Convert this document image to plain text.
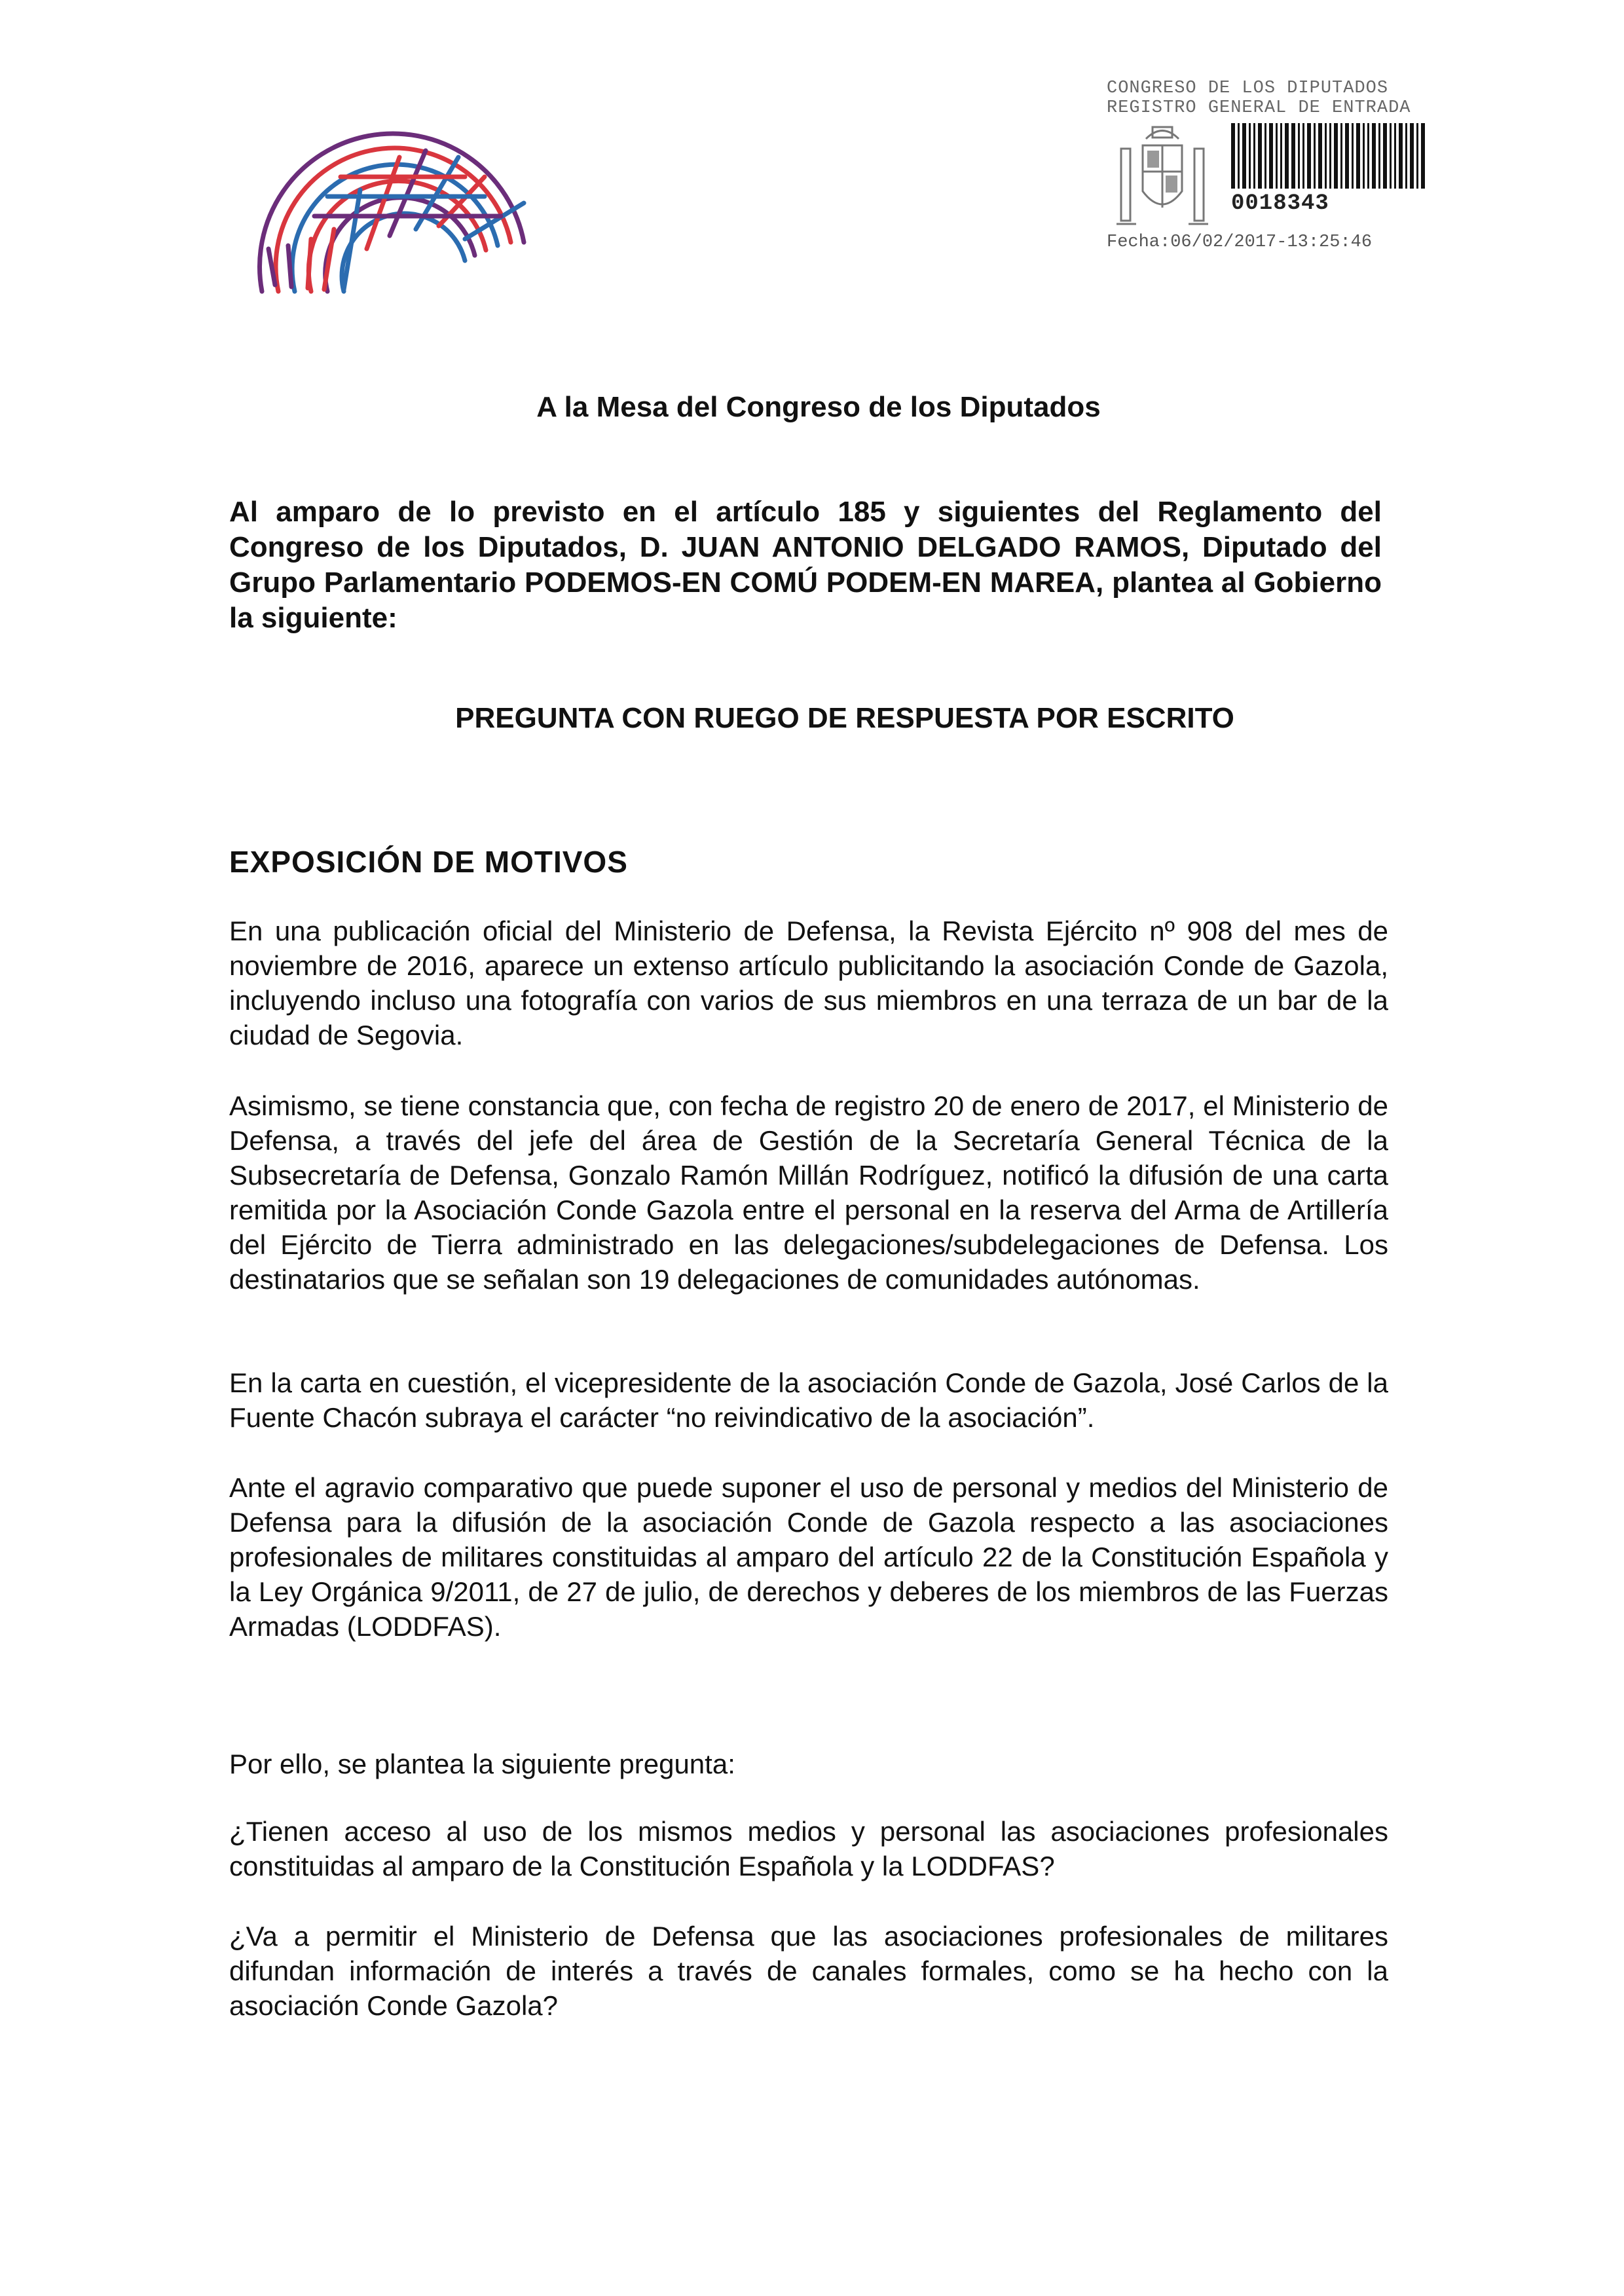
CONGRESO DE LOS DIPUTADOS
REGISTRO GENERAL DE ENTRADA
0018343
Fecha:06/02/2017-13:25:46
A la Mesa del Congreso de los Diputados
Al amparo de lo previsto en el artículo 185 y siguientes del Reglamento del Congreso de los Diputados, D. JUAN ANTONIO DELGADO RAMOS, Diputado del Grupo Parlamentario PODEMOS-EN COMÚ PODEM-EN MAREA, plantea al Gobierno la siguiente:
PREGUNTA CON RUEGO DE RESPUESTA POR ESCRITO
EXPOSICIÓN DE MOTIVOS
En una publicación oficial del Ministerio de Defensa, la Revista Ejército nº 908 del mes de noviembre de 2016, aparece un extenso artículo publicitando la asociación Conde de Gazola, incluyendo incluso una fotografía con varios de sus miembros en una terraza de un bar de la ciudad de Segovia.
Asimismo, se tiene constancia que, con fecha de registro 20 de enero de 2017, el Ministerio de Defensa, a través del jefe del área de Gestión de la Secretaría General Técnica de la Subsecretaría de Defensa, Gonzalo Ramón Millán Rodríguez, notificó la difusión de una carta remitida por la Asociación Conde Gazola entre el personal en la reserva del Arma de Artillería del Ejército de Tierra administrado en las delegaciones/subdelegaciones de Defensa. Los destinatarios que se señalan son 19 delegaciones de comunidades autónomas.
En la carta en cuestión, el vicepresidente de la asociación Conde de Gazola, José Carlos de la Fuente Chacón subraya el carácter “no reivindicativo de la asociación”.
Ante el agravio comparativo que puede suponer el uso de personal y medios del Ministerio de Defensa para la difusión de la asociación Conde de Gazola respecto a las asociaciones profesionales de militares constituidas al amparo del artículo 22 de la Constitución Española y la Ley Orgánica 9/2011, de 27 de julio, de derechos y deberes de los miembros de las Fuerzas Armadas (LODDFAS).
Por ello, se plantea la siguiente pregunta:
¿Tienen acceso al uso de los mismos medios y personal las asociaciones profesionales constituidas al amparo de la Constitución Española y la LODDFAS?
¿Va a permitir el Ministerio de Defensa que las asociaciones profesionales de militares difundan información de interés a través de canales formales, como se ha hecho con la asociación Conde Gazola?
